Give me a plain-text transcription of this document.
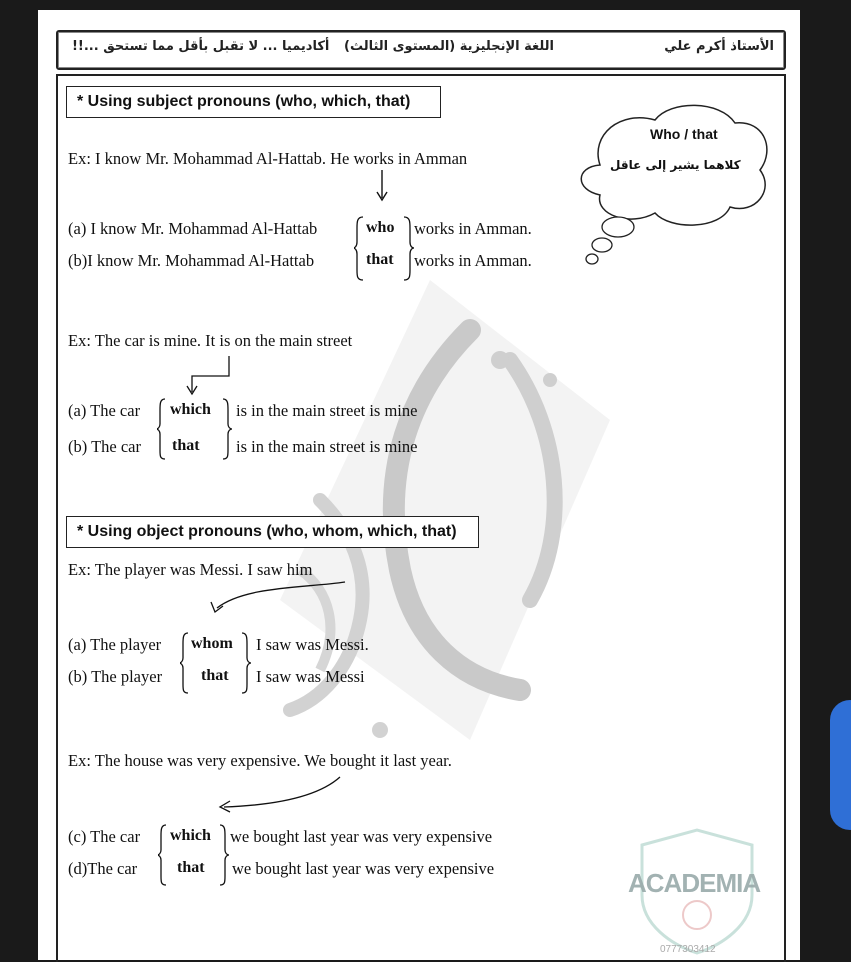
الأستاذ أكرم علي
اللغة الإنجليزية (المستوى الثالث)
أكاديميا ... لا تقبل بأقل مما تستحق ...!!
Who / that
كلاهما يشير إلى عاقل
* Using subject pronouns (who, which, that)
Ex: I know Mr. Mohammad Al-Hattab. He works in Amman
(a) I know Mr. Mohammad Al-Hattab	who works in Amman.
(b)I know Mr. Mohammad Al-Hattab	that works in Amman.
Ex: The car is mine. It is on the main street
(a) The car which is in the main street is mine
(b) The car that is in the main street is mine
* Using object pronouns (who, whom, which, that)
Ex: The player was Messi. I saw him
(a) The player whom I saw was Messi.
(b) The player that I saw was Messi
Ex: The house was very expensive. We bought it last year.
(c) The car which we bought last year was very expensive
(d)The car that we bought last year was very expensive	ACADEMIA
0777303412
